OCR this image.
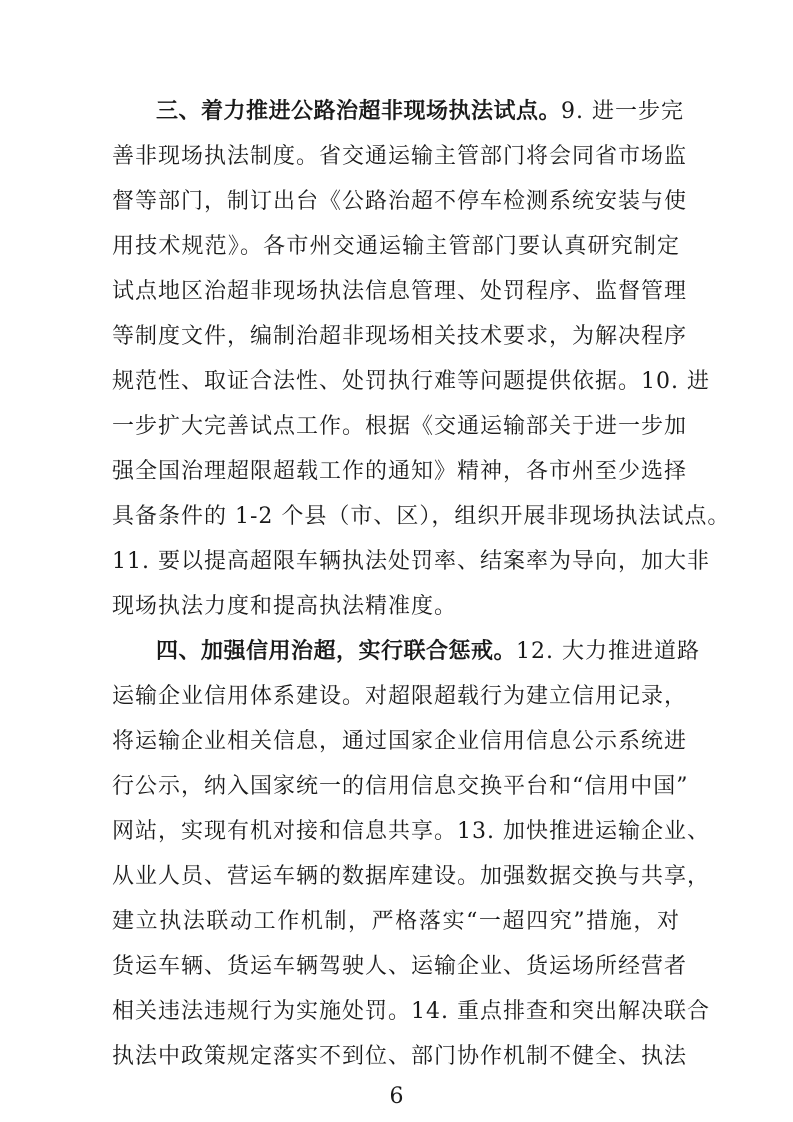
三、着力推进公路治超非现场执法试点。9. 进一步完
善非现场执法制度。省交通运输主管部门将会同省市场监
督等部门，制订出台《公路治超不停车检测系统安装与使
用技术规范》。各市州交通运输主管部门要认真研究制定
试点地区治超非现场执法信息管理、处罚程序、监督管理
等制度文件，编制治超非现场相关技术要求，为解决程序
规范性、取证合法性、处罚执行难等问题提供依据。10. 进
一步扩大完善试点工作。根据《交通运输部关于进一步加
强全国治理超限超载工作的通知》精神，各市州至少选择
具备条件的 1-2 个县（市、区），组织开展非现场执法试点。
11. 要以提高超限车辆执法处罚率、结案率为导向，加大非
现场执法力度和提高执法精准度。
四、加强信用治超，实行联合惩戒。12. 大力推进道路
运输企业信用体系建设。对超限超载行为建立信用记录，
将运输企业相关信息，通过国家企业信用信息公示系统进
行公示，纳入国家统一的信用信息交换平台和“信用中国”
网站，实现有机对接和信息共享。13. 加快推进运输企业、
从业人员、营运车辆的数据库建设。加强数据交换与共享，
建立执法联动工作机制，严格落实“一超四究”措施，对
货运车辆、货运车辆驾驶人、运输企业、货运场所经营者
相关违法违规行为实施处罚。14. 重点排查和突出解决联合
执法中政策规定落实不到位、部门协作机制不健全、执法
6
